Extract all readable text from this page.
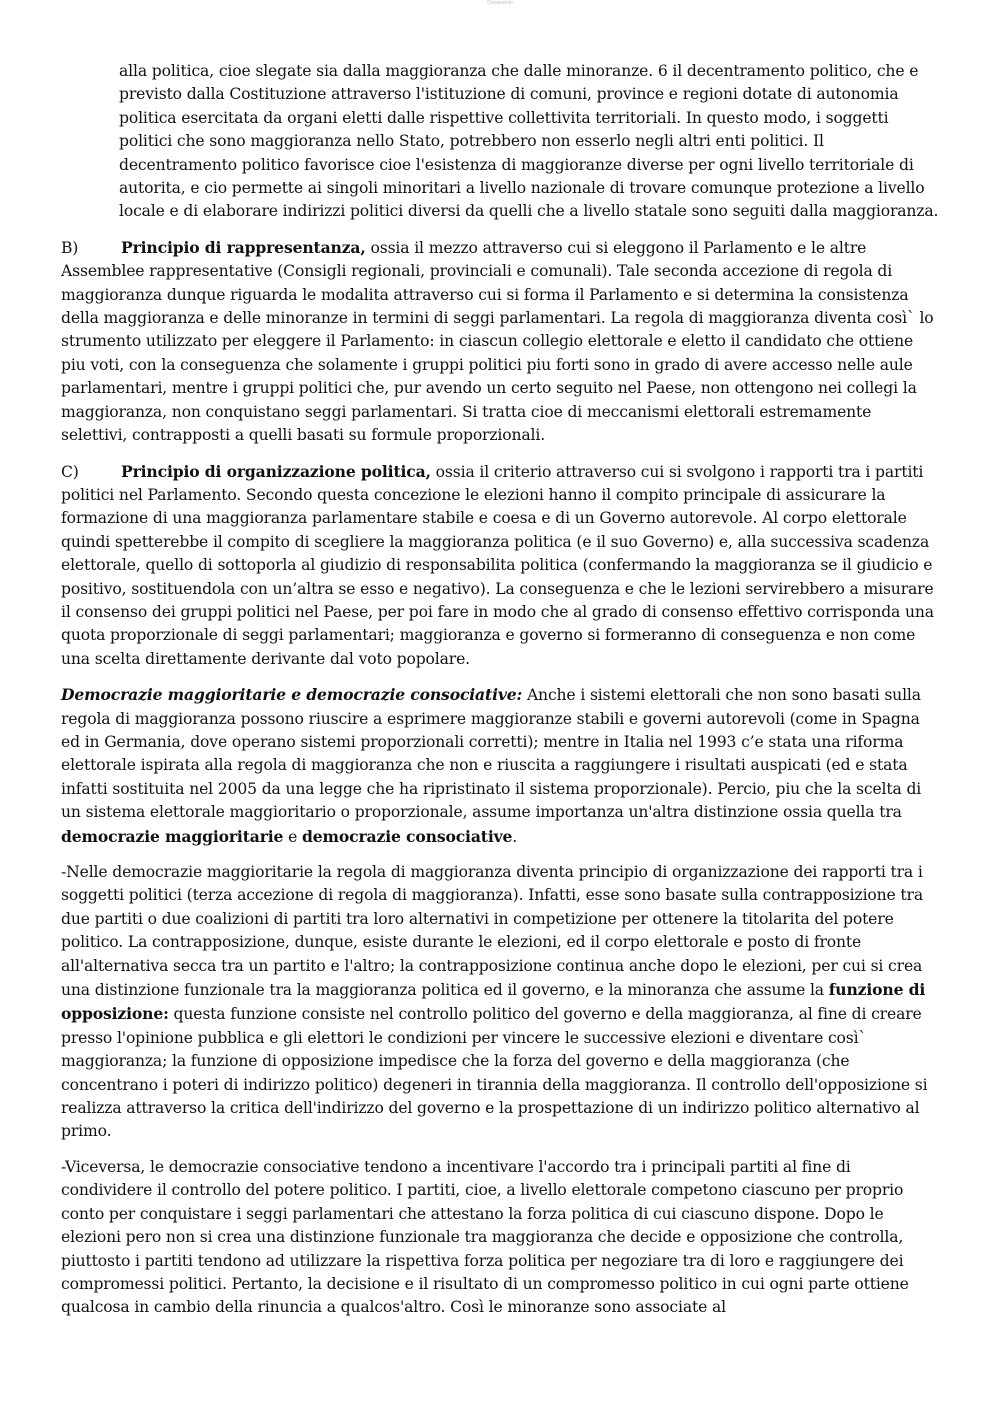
Documento

alla politica, cioe slegate sia dalla maggioranza che dalle minoranze. 6 il decentramento politico, che e previsto dalla Costituzione attraverso l'istituzione di comuni, province e regioni dotate di autonomia politica esercitata da organi eletti dalle rispettive collettivita territoriali. In questo modo, i soggetti politici che sono maggioranza nello Stato, potrebbero non esserlo negli altri enti politici. Il decentramento politico favorisce cioe l'esistenza di maggioranze diverse per ogni livello territoriale di autorita, e cio permette ai singoli minoritari a livello nazionale di trovare comunque protezione a livello locale e di elaborare indirizzi politici diversi da quelli che a livello statale sono seguiti dalla maggioranza.

B)	Principio di rappresentanza, ossia il mezzo attraverso cui si eleggono il Parlamento e le altre Assemblee rappresentative (Consigli regionali, provinciali e comunali). Tale seconda accezione di regola di maggioranza dunque riguarda le modalita attraverso cui si forma il Parlamento e si determina la consistenza della maggioranza e delle minoranze in termini di seggi parlamentari. La regola di maggioranza diventa così` lo strumento utilizzato per eleggere il Parlamento: in ciascun collegio elettorale e eletto il candidato che ottiene piu voti, con la conseguenza che solamente i gruppi politici piu forti sono in grado di avere accesso nelle aule parlamentari, mentre i gruppi politici che, pur avendo un certo seguito nel Paese, non ottengono nei collegi la maggioranza, non conquistano seggi parlamentari. Si tratta cioe di meccanismi elettorali estremamente selettivi, contrapposti a quelli basati su formule proporzionali.

C)	Principio di organizzazione politica, ossia il criterio attraverso cui si svolgono i rapporti tra i partiti politici nel Parlamento. Secondo questa concezione le elezioni hanno il compito principale di assicurare la formazione di una maggioranza parlamentare stabile e coesa e di un Governo autorevole. Al corpo elettorale quindi spetterebbe il compito di scegliere la maggioranza politica (e il suo Governo) e, alla successiva scadenza elettorale, quello di sottoporla al giudizio di responsabilita politica (confermando la maggioranza se il giudicio e positivo, sostituendola con un’altra se esso e negativo). La conseguenza e che le lezioni servirebbero a misurare il consenso dei gruppi politici nel Paese, per poi fare in modo che al grado di consenso effettivo corrisponda una quota proporzionale di seggi parlamentari; maggioranza e governo si formeranno di conseguenza e non come una scelta direttamente derivante dal voto popolare.

Democrazie maggioritarie e democrazie consociative: Anche i sistemi elettorali che non sono basati sulla regola di maggioranza possono riuscire a esprimere maggioranze stabili e governi autorevoli (come in Spagna ed in Germania, dove operano sistemi proporzionali corretti); mentre in Italia nel 1993 c’e stata una riforma elettorale ispirata alla regola di maggioranza che non e riuscita a raggiungere i risultati auspicati (ed e stata infatti sostituita nel 2005 da una legge che ha ripristinato il sistema proporzionale). Percio, piu che la scelta di un sistema elettorale maggioritario o proporzionale, assume importanza un'altra distinzione ossia quella tra democrazie maggioritarie e democrazie consociative.

-Nelle democrazie maggioritarie la regola di maggioranza diventa principio di organizzazione dei rapporti tra i soggetti politici (terza accezione di regola di maggioranza). Infatti, esse sono basate sulla contrapposizione tra due partiti o due coalizioni di partiti tra loro alternativi in competizione per ottenere la titolarita del potere politico. La contrapposizione, dunque, esiste durante le elezioni, ed il corpo elettorale e posto di fronte all'alternativa secca tra un partito e l'altro; la contrapposizione continua anche dopo le elezioni, per cui si crea una distinzione funzionale tra la maggioranza politica ed il governo, e la minoranza che assume la funzione di opposizione: questa funzione consiste nel controllo politico del governo e della maggioranza, al fine di creare presso l'opinione pubblica e gli elettori le condizioni per vincere le successive elezioni e diventare così` maggioranza; la funzione di opposizione impedisce che la forza del governo e della maggioranza (che concentrano i poteri di indirizzo politico) degeneri in tirannia della maggioranza. Il controllo dell'opposizione si realizza attraverso la critica dell'indirizzo del governo e la prospettazione di un indirizzo politico alternativo al primo.

-Viceversa, le democrazie consociative tendono a incentivare l'accordo tra i principali partiti al fine di condividere il controllo del potere politico. I partiti, cioe, a livello elettorale competono ciascuno per proprio conto per conquistare i seggi parlamentari che attestano la forza politica di cui ciascuno dispone. Dopo le elezioni pero non si crea una distinzione funzionale tra maggioranza che decide e opposizione che controlla, piuttosto i partiti tendono ad utilizzare la rispettiva forza politica per negoziare tra di loro e raggiungere dei compromessi politici. Pertanto, la decisione e il risultato di un compromesso politico in cui ogni parte ottiene qualcosa in cambio della rinuncia a qualcos'altro. Così le minoranze sono associate al
